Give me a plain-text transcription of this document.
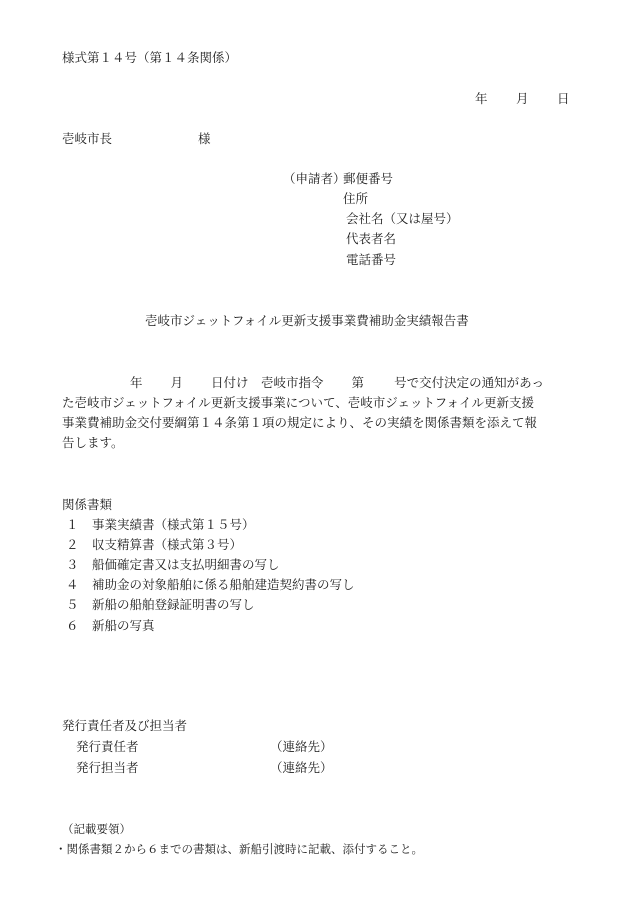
様式第１４号（第１４条関係）
年 月 日
壱岐市長	様
（申請者）
郵便番号
住所
会社名（又は屋号）
代表者名
電話番号
壱岐市ジェットフォイル更新支援事業費補助金実績報告書
年 月 日付け　壱岐市指令 第 号で交付決定の通知があっ
た壱岐市ジェットフォイル更新支援事業について、壱岐市ジェットフォイル更新支援
事業費補助金交付要綱第１４条第１項の規定により、その実績を関係書類を添えて報
告します。
関係書類
１ 事業実績書（様式第１５号）
２ 収支精算書（様式第３号）
３ 船価確定書又は支払明細書の写し
４ 補助金の対象船舶に係る船舶建造契約書の写し
５ 新船の船舶登録証明書の写し
６ 新船の写真
発行責任者及び担当者
発行責任者	（連絡先）
発行担当者	（連絡先）
（記載要領）
・関係書類２から６までの書類は、新船引渡時に記載、添付すること。
